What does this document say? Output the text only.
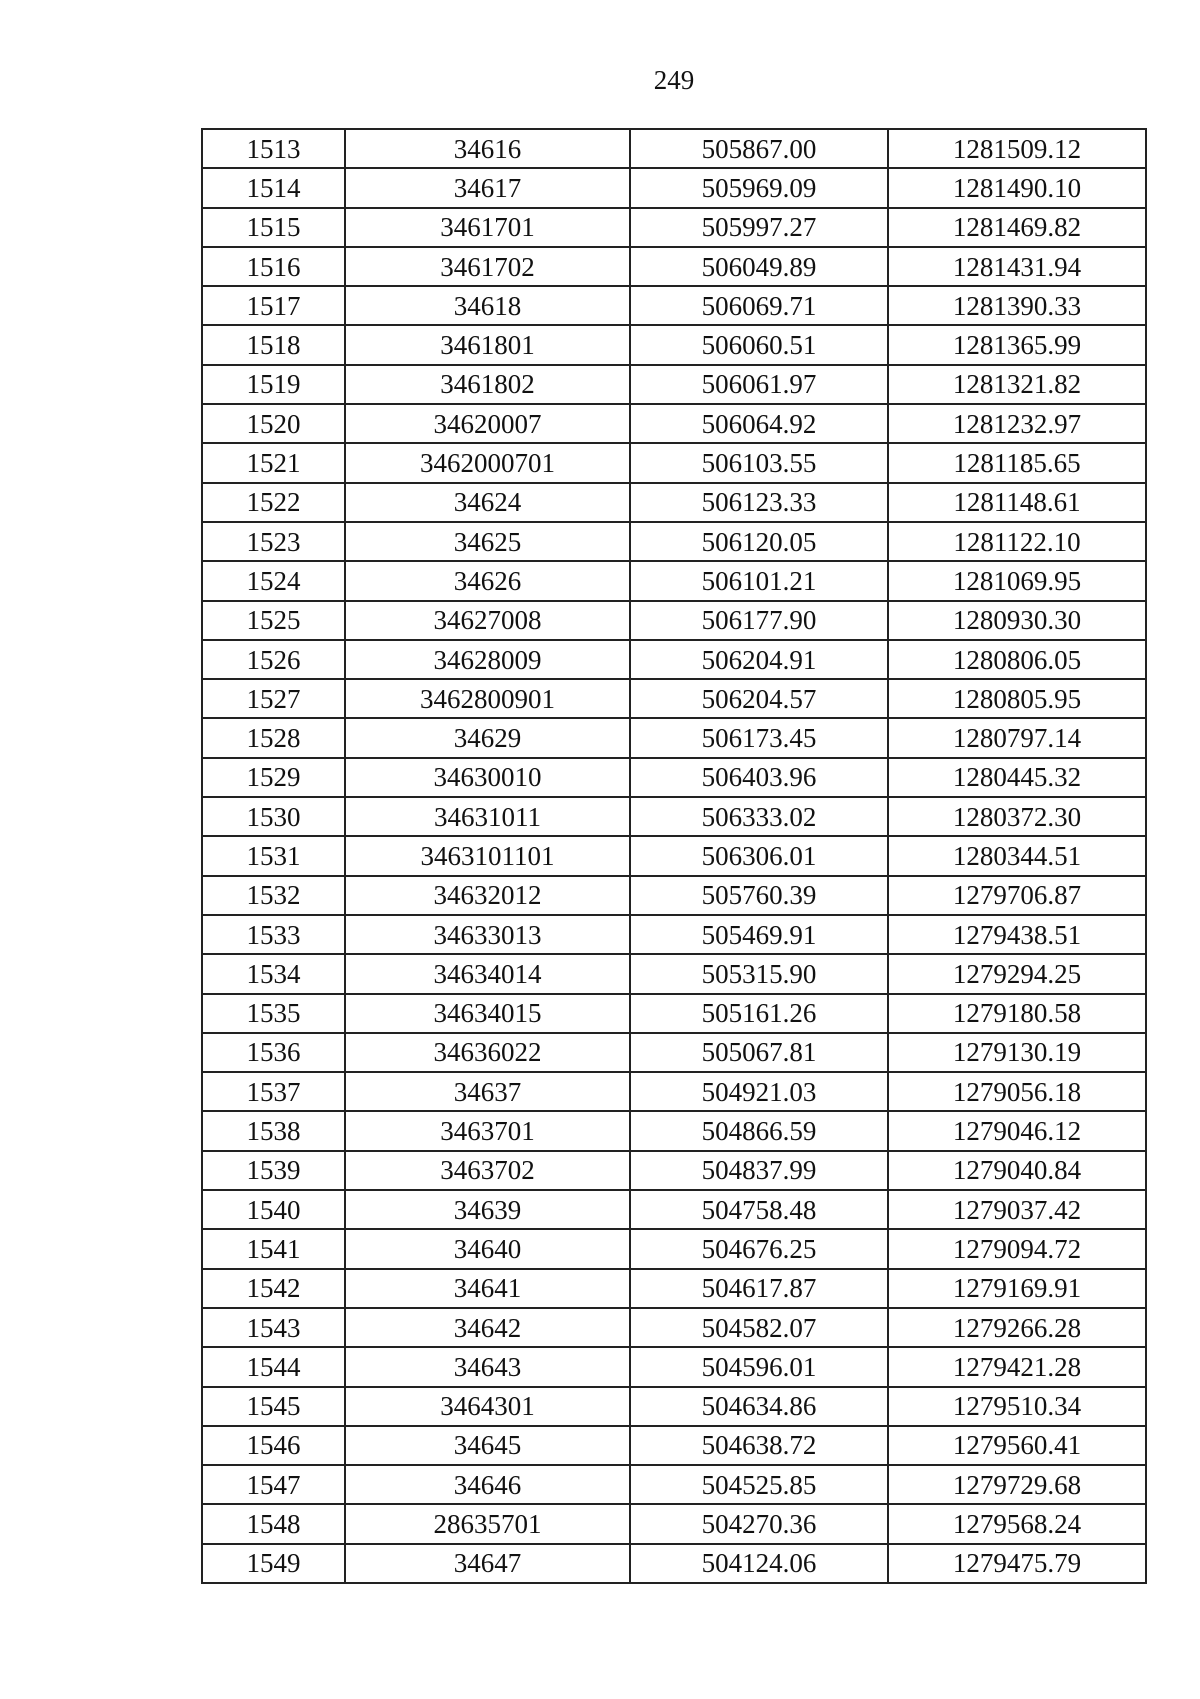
249
1513	34616	505867.00	1281509.12
1514	34617	505969.09	1281490.10
1515	3461701	505997.27	1281469.82
1516	3461702	506049.89	1281431.94
1517	34618	506069.71	1281390.33
1518	3461801	506060.51	1281365.99
1519	3461802	506061.97	1281321.82
1520	34620007	506064.92	1281232.97
1521	3462000701	506103.55	1281185.65
1522	34624	506123.33	1281148.61
1523	34625	506120.05	1281122.10
1524	34626	506101.21	1281069.95
1525	34627008	506177.90	1280930.30
1526	34628009	506204.91	1280806.05
1527	3462800901	506204.57	1280805.95
1528	34629	506173.45	1280797.14
1529	34630010	506403.96	1280445.32
1530	34631011	506333.02	1280372.30
1531	3463101101	506306.01	1280344.51
1532	34632012	505760.39	1279706.87
1533	34633013	505469.91	1279438.51
1534	34634014	505315.90	1279294.25
1535	34634015	505161.26	1279180.58
1536	34636022	505067.81	1279130.19
1537	34637	504921.03	1279056.18
1538	3463701	504866.59	1279046.12
1539	3463702	504837.99	1279040.84
1540	34639	504758.48	1279037.42
1541	34640	504676.25	1279094.72
1542	34641	504617.87	1279169.91
1543	34642	504582.07	1279266.28
1544	34643	504596.01	1279421.28
1545	3464301	504634.86	1279510.34
1546	34645	504638.72	1279560.41
1547	34646	504525.85	1279729.68
1548	28635701	504270.36	1279568.24
1549	34647	504124.06	1279475.79
